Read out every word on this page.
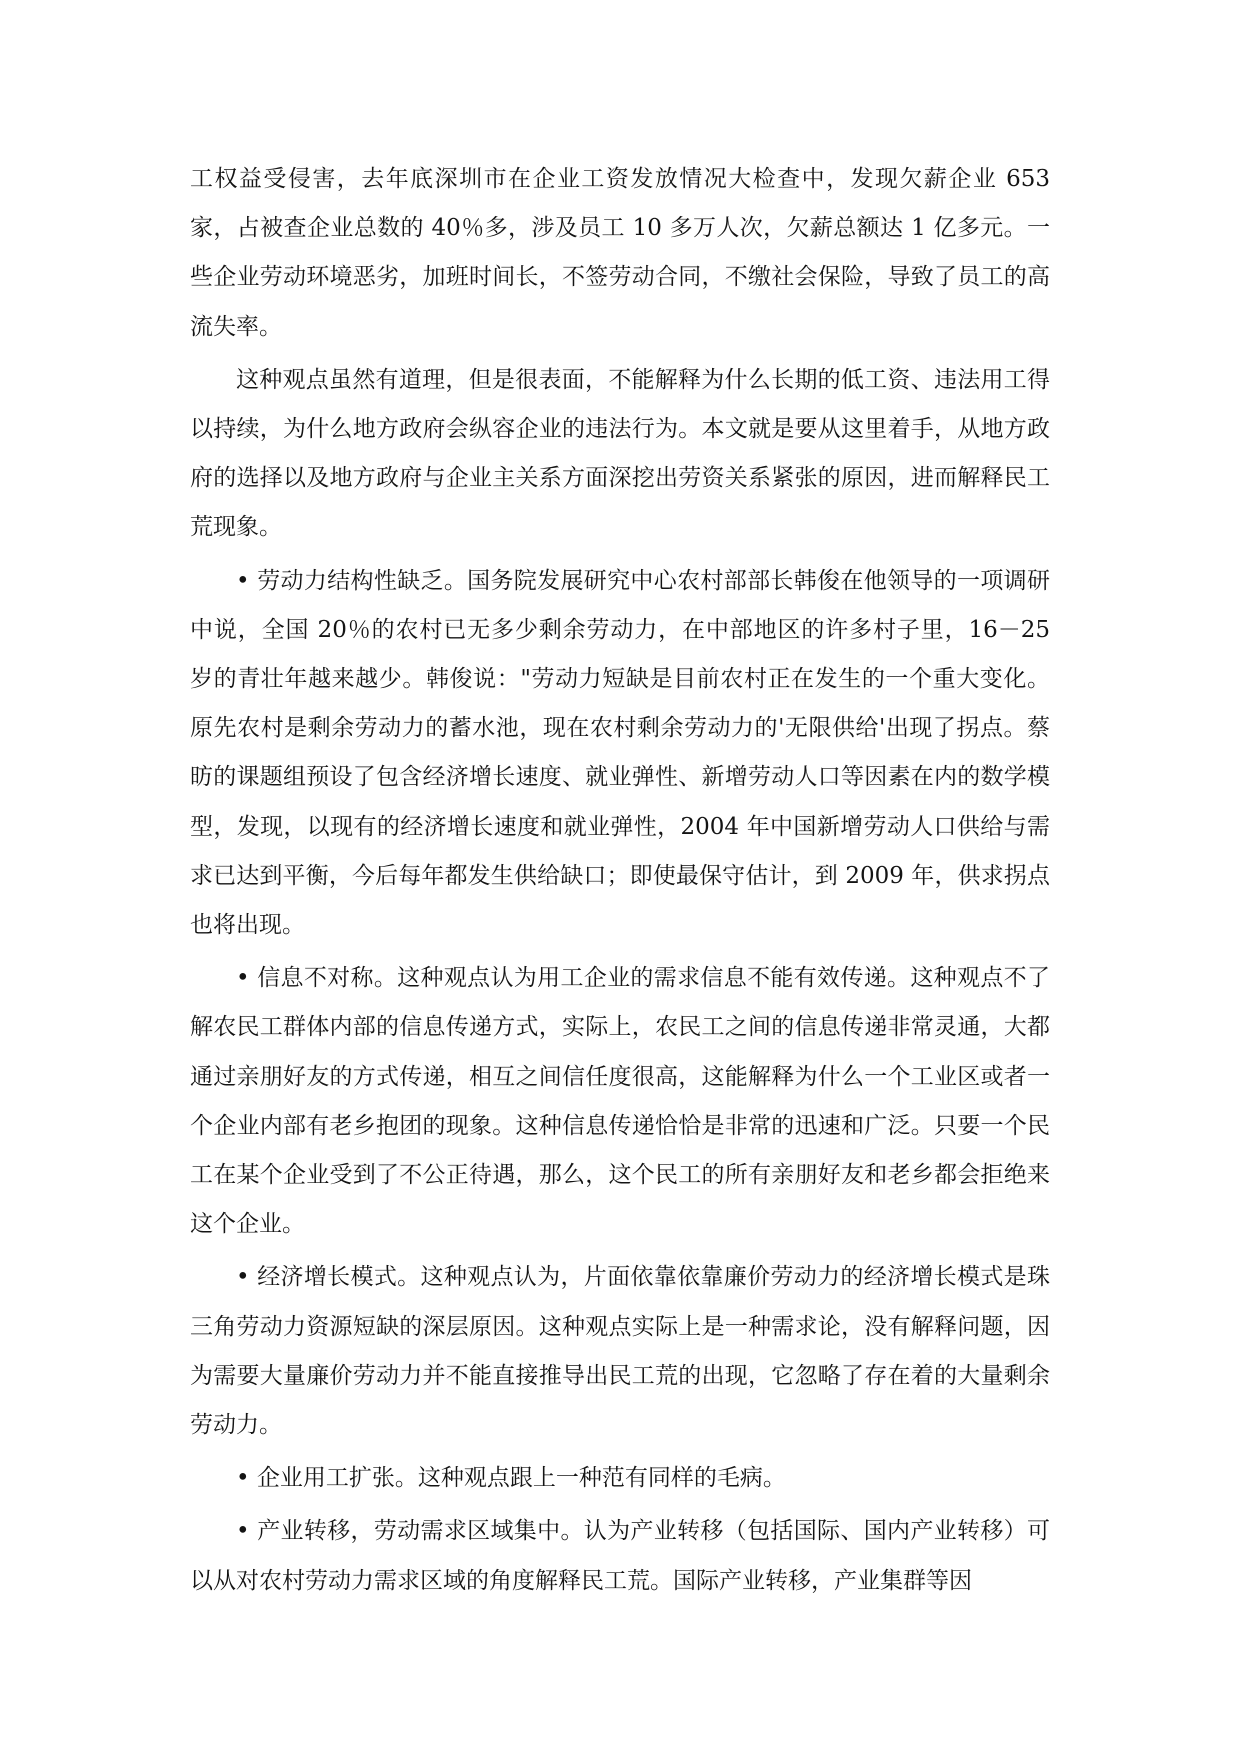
工权益受侵害，去年底深圳市在企业工资发放情况大检查中，发现欠薪企业 653 家，占被查企业总数的 40％多，涉及员工 10 多万人次，欠薪总额达 1 亿多元。一些企业劳动环境恶劣，加班时间长，不签劳动合同，不缴社会保险，导致了员工的高流失率。

这种观点虽然有道理，但是很表面，不能解释为什么长期的低工资、违法用工得以持续，为什么地方政府会纵容企业的违法行为。本文就是要从这里着手，从地方政府的选择以及地方政府与企业主关系方面深挖出劳资关系紧张的原因，进而解释民工荒现象。

• 劳动力结构性缺乏。国务院发展研究中心农村部部长韩俊在他领导的一项调研中说，全国 20％的农村已无多少剩余劳动力，在中部地区的许多村子里，16－25 岁的青壮年越来越少。韩俊说："劳动力短缺是目前农村正在发生的一个重大变化。原先农村是剩余劳动力的蓄水池，现在农村剩余劳动力的'无限供给'出现了拐点。蔡昉的课题组预设了包含经济增长速度、就业弹性、新增劳动人口等因素在内的数学模型，发现，以现有的经济增长速度和就业弹性，2004 年中国新增劳动人口供给与需求已达到平衡，今后每年都发生供给缺口；即使最保守估计，到 2009 年，供求拐点也将出现。

• 信息不对称。这种观点认为用工企业的需求信息不能有效传递。这种观点不了解农民工群体内部的信息传递方式，实际上，农民工之间的信息传递非常灵通，大都通过亲朋好友的方式传递，相互之间信任度很高，这能解释为什么一个工业区或者一个企业内部有老乡抱团的现象。这种信息传递恰恰是非常的迅速和广泛。只要一个民工在某个企业受到了不公正待遇，那么，这个民工的所有亲朋好友和老乡都会拒绝来这个企业。

• 经济增长模式。这种观点认为，片面依靠依靠廉价劳动力的经济增长模式是珠三角劳动力资源短缺的深层原因。这种观点实际上是一种需求论，没有解释问题，因为需要大量廉价劳动力并不能直接推导出民工荒的出现，它忽略了存在着的大量剩余劳动力。

• 企业用工扩张。这种观点跟上一种范有同样的毛病。

• 产业转移，劳动需求区域集中。认为产业转移（包括国际、国内产业转移）可以从对农村劳动力需求区域的角度解释民工荒。国际产业转移，产业集群等因
